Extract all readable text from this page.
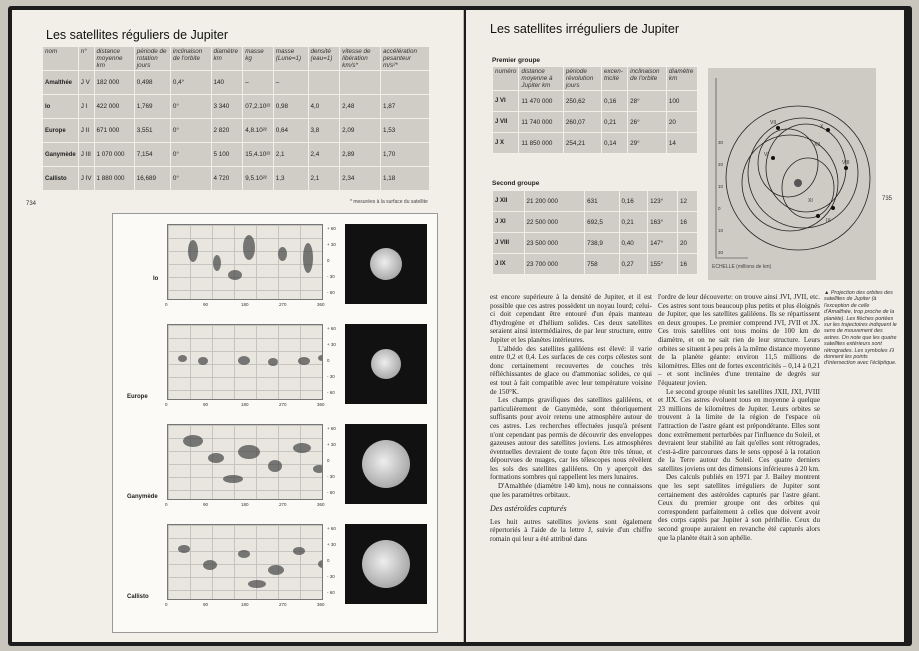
Les satellites réguliers de Jupiter
nom	n°	distance moyenne km	période de rotation jours	inclinaison de l'orbite	diamètre km	masse kg	masse (Lune=1)	densité (eau=1)	vitesse de libération km/s*	accélération pesanteur m/s²*
Amalthée	J V	182 000	0,498	0,4°	140	–	–			
Io	J I	422 000	1,769	0°	3 340	07,2.10²²	0,98	4,0	2,48	1,87
Europe	J II	671 000	3,551	0°	2 820	4,8.10²²	0,64	3,8	2,09	1,53
Ganymède	J III	1 070 000	7,154	0°	5 100	15,4.10²²	2,1	2,4	2,89	1,70
Callisto	J IV	1 880 000	16,689	0°	4 720	9,5.10²²	1,3	2,1	2,34	1,18
* mesurées à la surface du satellite
734
0	90	180	270	360
+ 60
+ 30
0
- 30
- 60
Io
0	90	180	270	360
+ 60
+ 30
0
- 30
- 60
Europe
0	90	180	270	360
+ 60
+ 30
0
- 30
- 60
Ganymède
0	90	180	270	360
+ 60
+ 30
0
- 30
- 60
Callisto
Les satellites irréguliers de Jupiter
Premier groupe
numéro	distance moyenne à Jupiter km	période révolution jours	excen-tricité	inclinaison de l'orbite	diamètre km
J VI	11 470 000	250,62	0,16	28°	100
J VII	11 740 000	260,07	0,21	26°	20
J X	11 850 000	254,21	0,14	29°	14
Second groupe
J XII	21 200 000	631	0,16	123°	12
J XI	22 500 000	692,5	0,21	163°	16
J VIII	23 500 000	738,9	0,40	147°	20
J IX	23 700 000	758	0,27	155°	16
VII
X
VI
XII
IX
VIII
XI
30
20
10
0
10
20
ECHELLE (millions de km)
735
▲ Projection des orbites des satellites de Jupiter (à l'exception de celle d'Amalthée, trop proche de la planète). Les flèches portées sur les trajectoires indiquent le sens de mouvement des astres. On note que les quatre satellites extérieurs sont rétrogrades. Les symboles ☊ donnent les points d'intersection avec l'écliptique.

est encore supérieure à la densité de Jupiter, et il est possible que ces astres possèdent un noyau lourd; celui-ci doit cependant être entouré d'un épais manteau d'hydrogène et d'hélium solides. Ces deux satellites seraient ainsi intermédiaires, de par leur structure, entre Jupiter et les planètes intérieures.

L'albédo des satellites galiléens est élevé: il varie entre 0,2 et 0,4. Les surfaces de ces corps célestes sont donc certainement recouvertes de couches très réfléchissantes de glace ou d'ammoniac solides, ce qui est tout à fait compatible avec leur température voisine de 150°K.

Les champs gravifiques des satellites galiléens, et particulièrement de Ganymède, sont théoriquement suffisants pour avoir retenu une atmosphère autour de ces astres. Les recherches effectuées jusqu'à présent n'ont cependant pas permis de découvrir des enveloppes gazeuses autour des satellites joviens. Les atmosphères éventuelles devraient de toute façon être très ténue, et dépourvues de nuages, car les télescopes nous révèlent les sols des satellites galiléens. On y aperçoit des formations sombres qui rappellent les mers lunaires.

D'Amalthée (diamètre 140 km), nous ne connaissons que les paramètres orbitaux.

Des astéroïdes capturés

Les huit autres satellites joviens sont également répertoriés à l'aide de la lettre J, suivie d'un chiffre romain qui leur a été attribué dans

l'ordre de leur découverte: on trouve ainsi JVI, JVII, etc. Ces astres sont tous beaucoup plus petits et plus éloignés de Jupiter, que les satellites galiléens. Ils se répartissent en deux groupes. Le premier comprend JVI, JVII et JX. Ces trois satellites ont tous moins de 100 km de diamètre, et on ne sait rien de leur structure. Leurs orbites se situent à peu près à la même distance moyenne de la planète géante: environ 11,5 millions de kilomètres. Elles ont de fortes excentricités – 0,14 à 0,21 – et sont inclinées d'une trentaine de degrés sur l'équateur jovien.

Le second groupe réunit les satellites JXII, JXI, JVIII et JIX. Ces astres évoluent tous en moyenne à quelque 23 millions de kilomètres de Jupiter. Leurs orbites se trouvent à la limite de la région de l'espace où l'attraction de l'astre géant est prépondérante. Elles sont donc extrêmement perturbées par l'influence du Soleil, et devraient leur stabilité au fait qu'elles sont rétrogrades, c'est-à-dire parcourues dans le sens opposé à la rotation de la Terre autour du Soleil. Ces quatre derniers satellites joviens ont des dimensions inférieures à 20 km.

Des calculs publiés en 1971 par J. Bailey montrent que les sept satellites irréguliers de Jupiter sont certainement des astéroïdes capturés par l'astre géant. Ceux du premier groupe ont des orbites qui correspondent parfaitement à celles que doivent avoir des corps captés par Jupiter à son périhélie. Ceux du second groupe auraient en revanche été capturés alors que la planète était à son aphélie.
